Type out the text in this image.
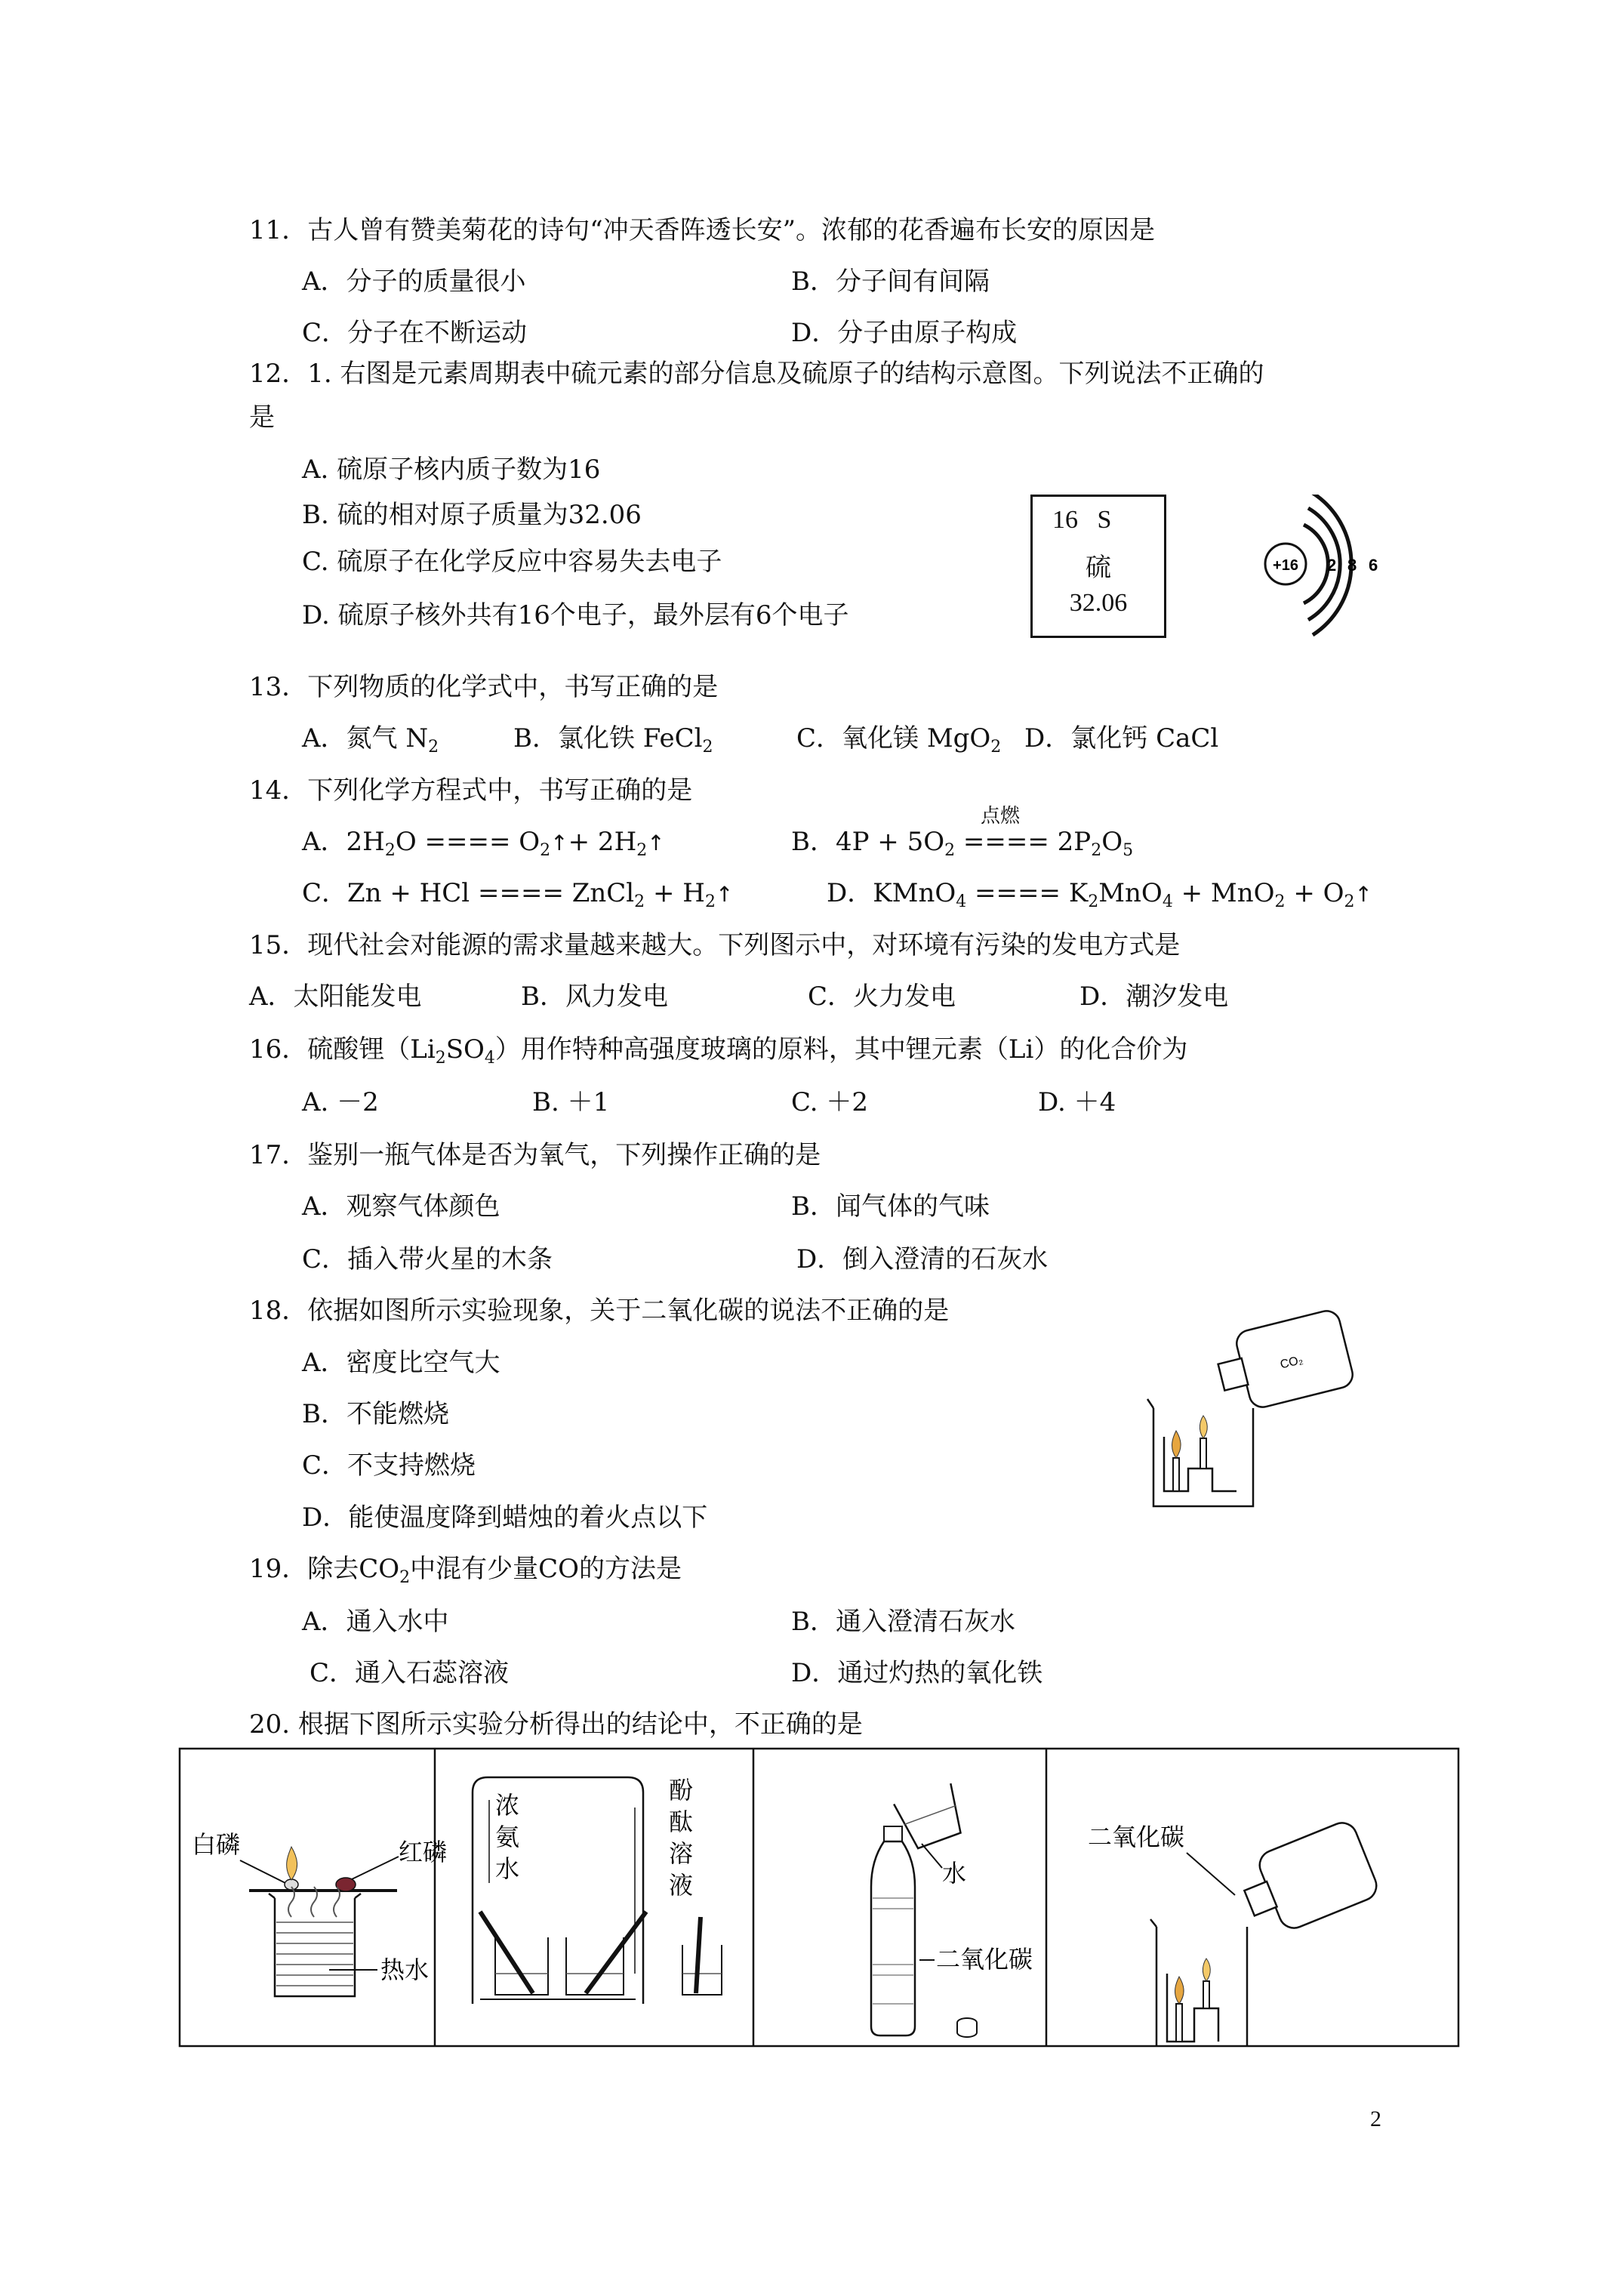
11．古人曾有赞美菊花的诗句“冲天香阵透长安”。浓郁的花香遍布长安的原因是
A．分子的质量很小	B．分子间有间隔
C．分子在不断运动	D．分子由原子构成
12．1. 右图是元素周期表中硫元素的部分信息及硫原子的结构示意图。下列说法不正确的
是
A. 硫原子核内质子数为16
B. 硫的相对原子质量为32.06
C. 硫原子在化学反应中容易失去电子
D. 硫原子核外共有16个电子，最外层有6个电子
16 S
硫
32.06
+16 2 8 6
13．下列物质的化学式中，书写正确的是
A．氮气 $N_2$	B．氯化铁 FeCl$_2$	C．氧化镁 MgO$_2$ D．氯化钙 CaCl
14．下列化学方程式中，书写正确的是
A．$2H_2O$ ==== $O_2↑+$ $2H_2↑$
点燃
B．$4P + 5O_2$ ==== $2P_2O_5$
C．Zn + HCl ==== ZnCl$_2$ + $H_2↑$	D．KMnO$_4$ ==== $K_2MnO_4 + MnO_2$ + $O_2↑$
15．现代社会对能源的需求量越来越大。下列图示中，对环境有污染的发电方式是
A．太阳能发电	B．风力发电	C．火力发电	D．潮汐发电
16．硫酸锂$(Li_2SO_4)$用作特种高强度玻璃的原料，其中锂元素（Li）的化合价为
A. －2	B. ＋1	C. ＋2	D. ＋4
17．鉴别一瓶气体是否为氧气，下列操作正确的是
A．观察气体颜色	B．闻气体的气味
C．插入带火星的木条	D．倒入澄清的石灰水
18．依据如图所示实验现象，关于二氧化碳的说法不正确的是
A．密度比空气大
B．不能燃烧
C．不支持燃烧
D．能使温度降到蜡烛的着火点以下
CO₂
19．除去$CO_2$中混有少量CO的方法是
A．通入水中	B．通入澄清石灰水
C．通入石蕊溶液	D．通过灼热的氧化铁
20. 根据下图所示实验分析得出的结论中，不正确的是
白磷	红磷
热水
浓
氨
水
酚
酞
溶
液	水
二氧化碳
二氧化碳
2
